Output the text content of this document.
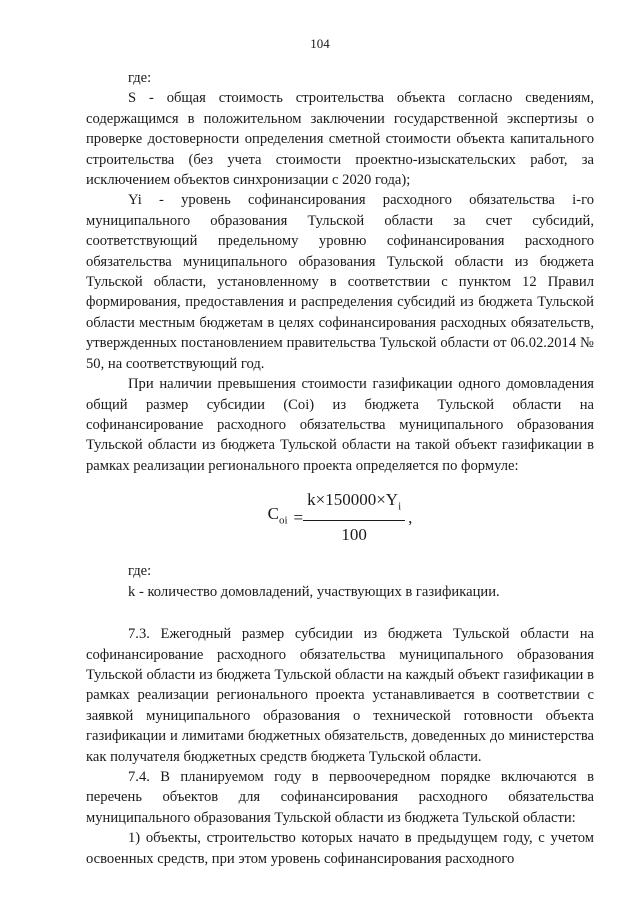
104

где:

S - общая стоимость строительства объекта согласно сведениям, содержащимся в положительном заключении государственной экспертизы о проверке достоверности определения сметной стоимости объекта капитального строительства (без учета стоимости проектно-изыскательских работ, за исключением объектов синхронизации с 2020 года);

Yi - уровень софинансирования расходного обязательства i-го муниципального образования Тульской области за счет субсидий, соответствующий предельному уровню софинансирования расходного обязательства муниципального образования Тульской области из бюджета Тульской области, установленному в соответствии с пунктом 12 Правил формирования, предоставления и распределения субсидий из бюджета Тульской области местным бюджетам в целях софинансирования расходных обязательств, утвержденных постановлением правительства Тульской области от 06.02.2014 № 50, на соответствующий год.

При наличии превышения стоимости газификации одного домовладения общий размер субсидии (Coi) из бюджета Тульской области на софинансирование расходного обязательства муниципального образования Тульской области из бюджета Тульской области на такой объект газификации в рамках реализации регионального проекта определяется по формуле:

$C_{oi} = \frac{k\times 150000\times Y_i}{100}$ ,

где:

k - количество домовладений, участвующих в газификации.

7.3. Ежегодный размер субсидии из бюджета Тульской области на софинансирование расходного обязательства муниципального образования Тульской области из бюджета Тульской области на каждый объект газификации в рамках реализации регионального проекта устанавливается в соответствии с заявкой муниципального образования о технической готовности объекта газификации и лимитами бюджетных обязательств, доведенных до министерства как получателя бюджетных средств бюджета Тульской области.

7.4. В планируемом году в первоочередном порядке включаются в перечень объектов для софинансирования расходного обязательства муниципального образования Тульской области из бюджета Тульской области:

1) объекты, строительство которых начато в предыдущем году, с учетом освоенных средств, при этом уровень софинансирования расходного
